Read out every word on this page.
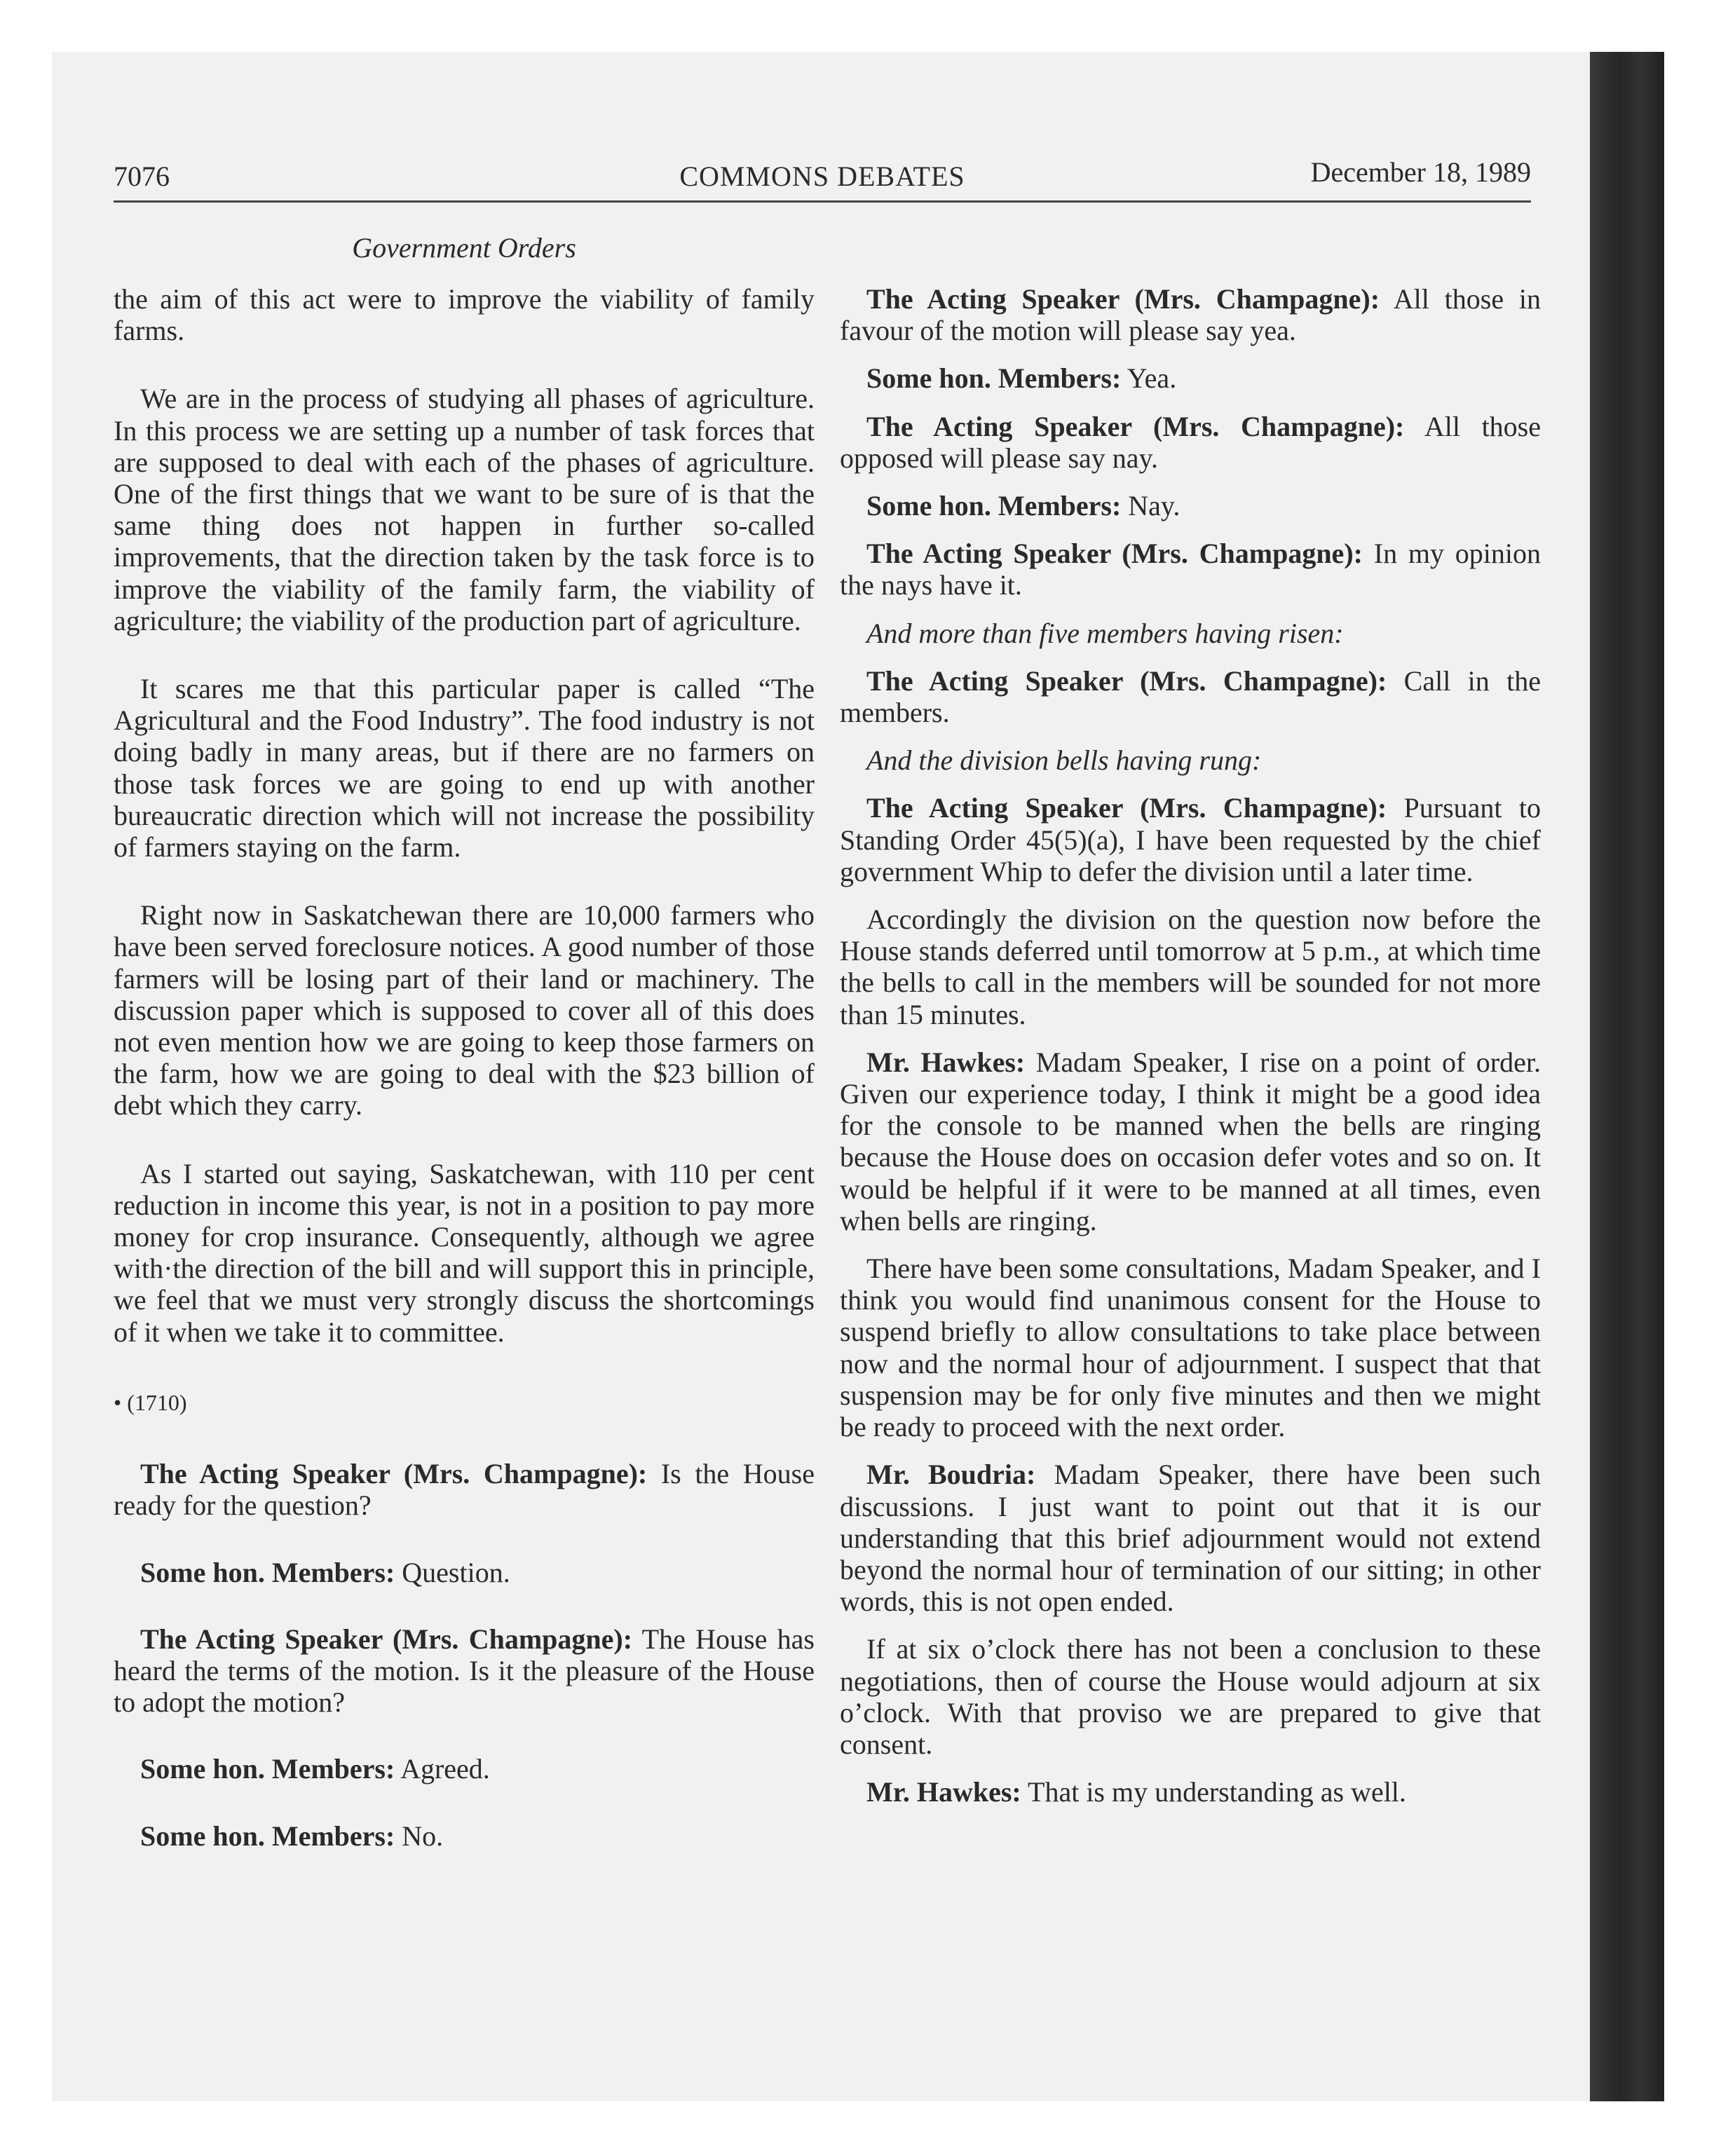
7076	COMMONS DEBATES	December 18, 1989
Government Orders

the aim of this act were to improve the viability of family farms.

We are in the process of studying all phases of agriculture. In this process we are setting up a number of task forces that are supposed to deal with each of the phases of agriculture. One of the first things that we want to be sure of is that the same thing does not happen in further so-called improvements, that the direction taken by the task force is to improve the viability of the family farm, the viability of agriculture; the viability of the production part of agriculture.

It scares me that this particular paper is called “The Agricultural and the Food Industry”. The food industry is not doing badly in many areas, but if there are no farmers on those task forces we are going to end up with another bureaucratic direction which will not increase the possibility of farmers staying on the farm.

Right now in Saskatchewan there are 10,000 farmers who have been served foreclosure notices. A good number of those farmers will be losing part of their land or machinery. The discussion paper which is supposed to cover all of this does not even mention how we are going to keep those farmers on the farm, how we are going to deal with the $23 billion of debt which they carry.

As I started out saying, Saskatchewan, with 110 per cent reduction in income this year, is not in a position to pay more money for crop insurance. Consequently, although we agree with·the direction of the bill and will support this in principle, we feel that we must very strongly discuss the shortcomings of it when we take it to committee.

• (1710)

The Acting Speaker (Mrs. Champagne): Is the House ready for the question?

Some hon. Members: Question.

The Acting Speaker (Mrs. Champagne): The House has heard the terms of the motion. Is it the pleasure of the House to adopt the motion?

Some hon. Members: Agreed.

Some hon. Members: No.

The Acting Speaker (Mrs. Champagne): All those in favour of the motion will please say yea.

Some hon. Members: Yea.

The Acting Speaker (Mrs. Champagne): All those opposed will please say nay.

Some hon. Members: Nay.

The Acting Speaker (Mrs. Champagne): In my opinion the nays have it.

And more than five members having risen:

The Acting Speaker (Mrs. Champagne): Call in the members.

And the division bells having rung:

The Acting Speaker (Mrs. Champagne): Pursuant to Standing Order 45(5)(a), I have been requested by the chief government Whip to defer the division until a later time.

Accordingly the division on the question now before the House stands deferred until tomorrow at 5 p.m., at which time the bells to call in the members will be sounded for not more than 15 minutes.

Mr. Hawkes: Madam Speaker, I rise on a point of order. Given our experience today, I think it might be a good idea for the console to be manned when the bells are ringing because the House does on occasion defer votes and so on. It would be helpful if it were to be manned at all times, even when bells are ringing.

There have been some consultations, Madam Speaker, and I think you would find unanimous consent for the House to suspend briefly to allow consultations to take place between now and the normal hour of adjournment. I suspect that that suspension may be for only five minutes and then we might be ready to proceed with the next order.

Mr. Boudria: Madam Speaker, there have been such discussions. I just want to point out that it is our understanding that this brief adjournment would not extend beyond the normal hour of termination of our sitting; in other words, this is not open ended.

If at six o’clock there has not been a conclusion to these negotiations, then of course the House would adjourn at six o’clock. With that proviso we are prepared to give that consent.

Mr. Hawkes: That is my understanding as well.
